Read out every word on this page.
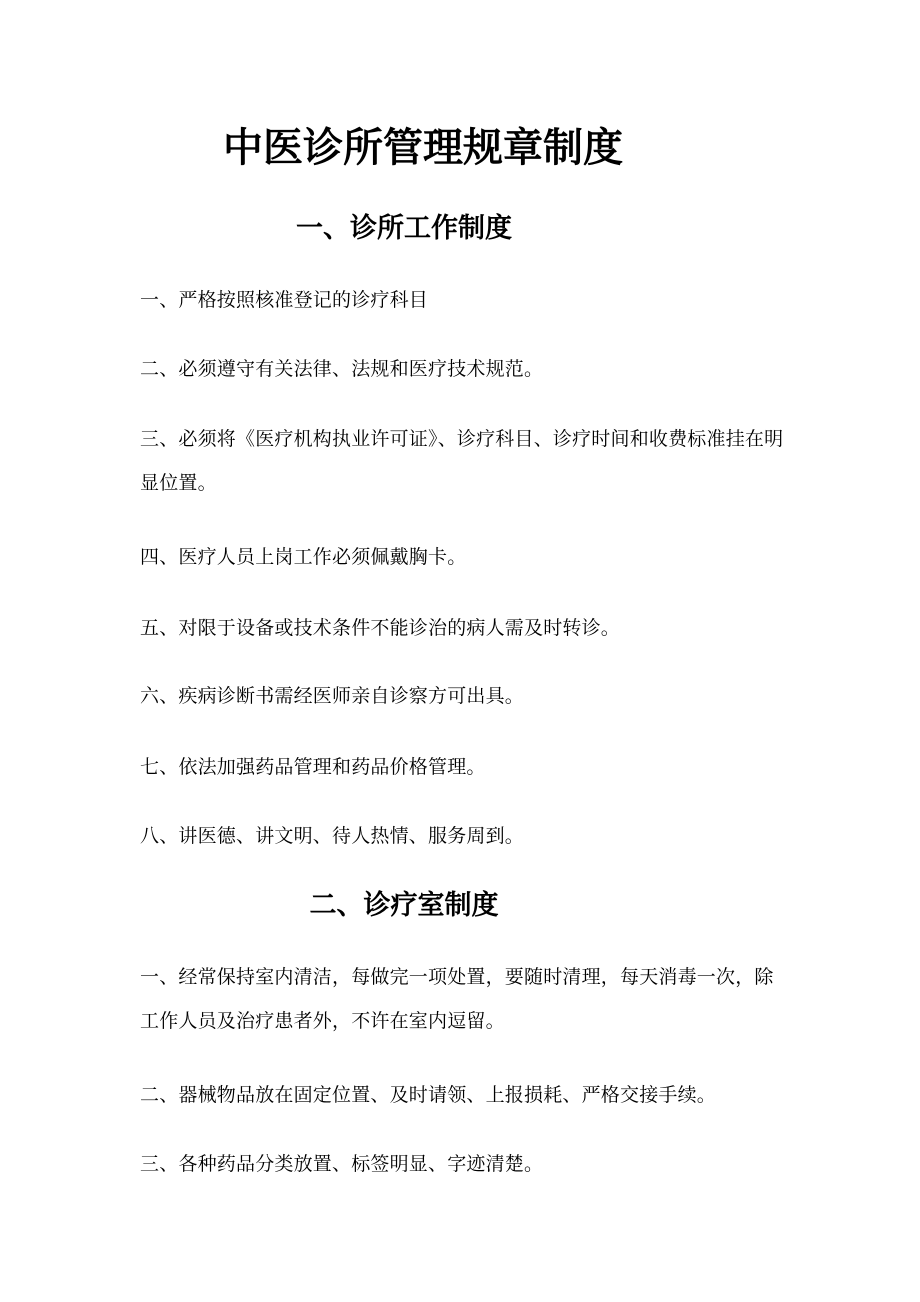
中医诊所管理规章制度
一、诊所工作制度

一、严格按照核准登记的诊疗科目

二、必须遵守有关法律、法规和医疗技术规范。

三、必须将《医疗机构执业许可证》、诊疗科目、诊疗时间和收费标准挂在明显位置。

四、医疗人员上岗工作必须佩戴胸卡。

五、对限于设备或技术条件不能诊治的病人需及时转诊。

六、疾病诊断书需经医师亲自诊察方可出具。

七、依法加强药品管理和药品价格管理。

八、讲医德、讲文明、待人热情、服务周到。

二、诊疗室制度

一、经常保持室内清洁，每做完一项处置，要随时清理，每天消毒一次，除工作人员及治疗患者外，不许在室内逗留。

二、器械物品放在固定位置、及时请领、上报损耗、严格交接手续。

三、各种药品分类放置、标签明显、字迹清楚。
